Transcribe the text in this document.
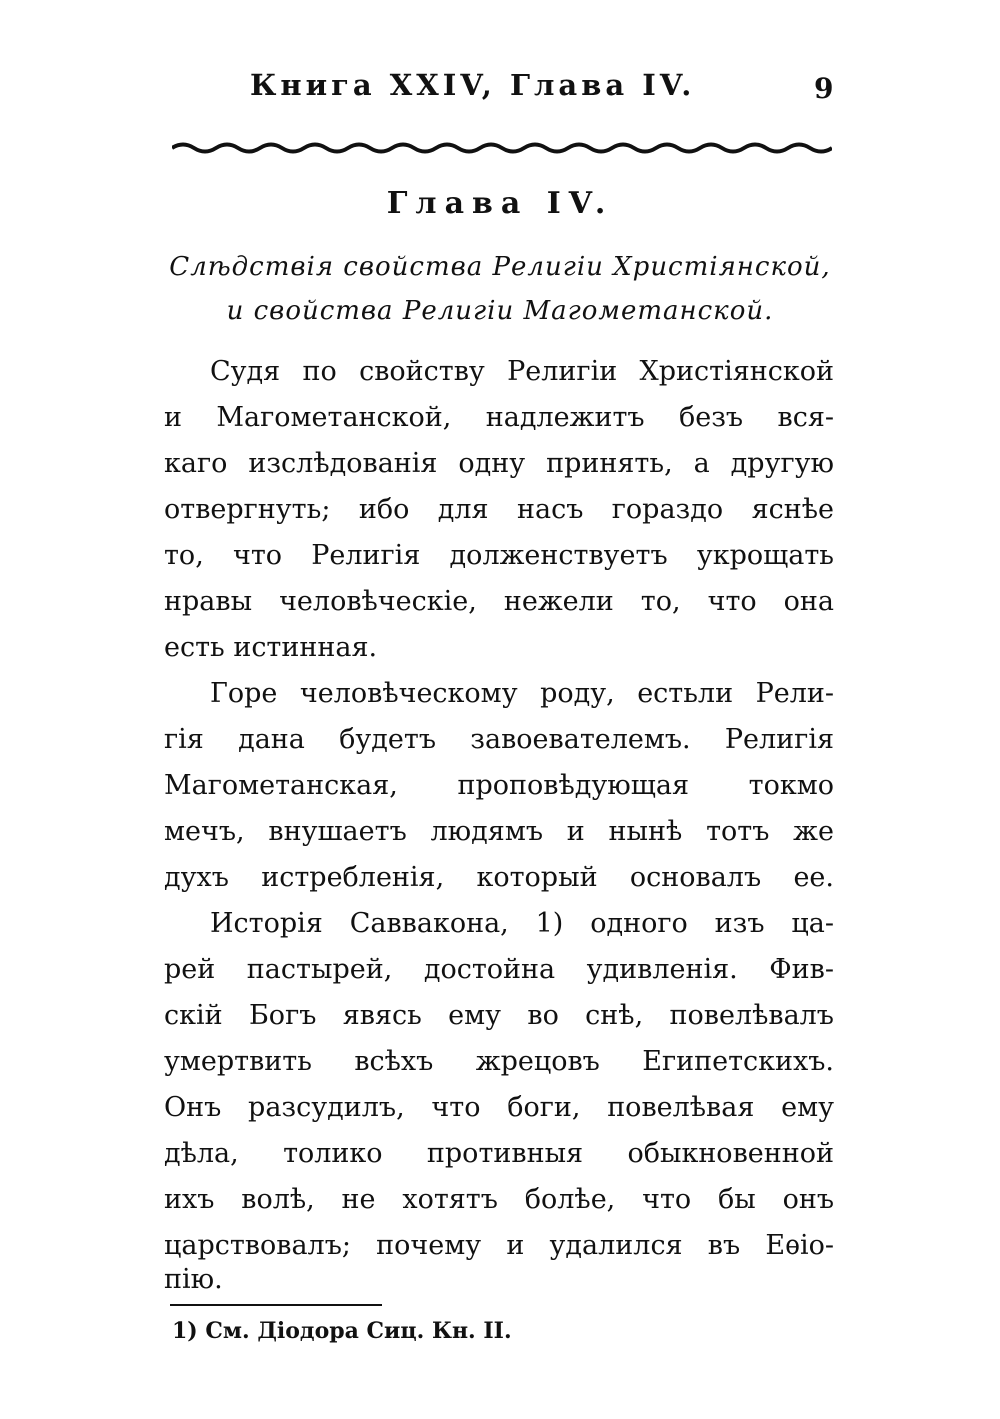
Книга XXIV, Глава IV.	9
Глава IV.
Слѣдствія свойства Религіи Христіянской,
и свойства Религіи Магометанской.
Судя по свойству Религіи Христіянской
и Магометанской, надлежитъ безъ вся-
каго изслѣдованія одну принять, а другую
отвергнуть; ибо для насъ гораздо яснѣе
то, что Религія долженствуетъ укрощать
нравы человѣческіе, нежели то, что она
есть истинная.
Горе человѣческому роду, естьли Рели-
гія дана будетъ завоевателемъ. Религія
Магометанская, проповѣдующая токмо
мечъ, внушаетъ людямъ и нынѣ тотъ же
духъ истребленія, который основалъ ее.
Исторія Саввакона, 1) одного изъ ца-
рей пастырей, достойна удивленія. Фив-
скій Богъ явясь ему во снѣ, повелѣвалъ
умертвить всѣхъ жрецовъ Египетскихъ.
Онъ разсудилъ, что боги, повелѣвая ему
дѣла, толико противныя обыкновенной
ихъ волѣ, не хотятъ болѣе, что бы онъ
царствовалъ; почему и удалился въ Еѳіо-
пію.
1) См. Діодора Сиц. Кн. II.
